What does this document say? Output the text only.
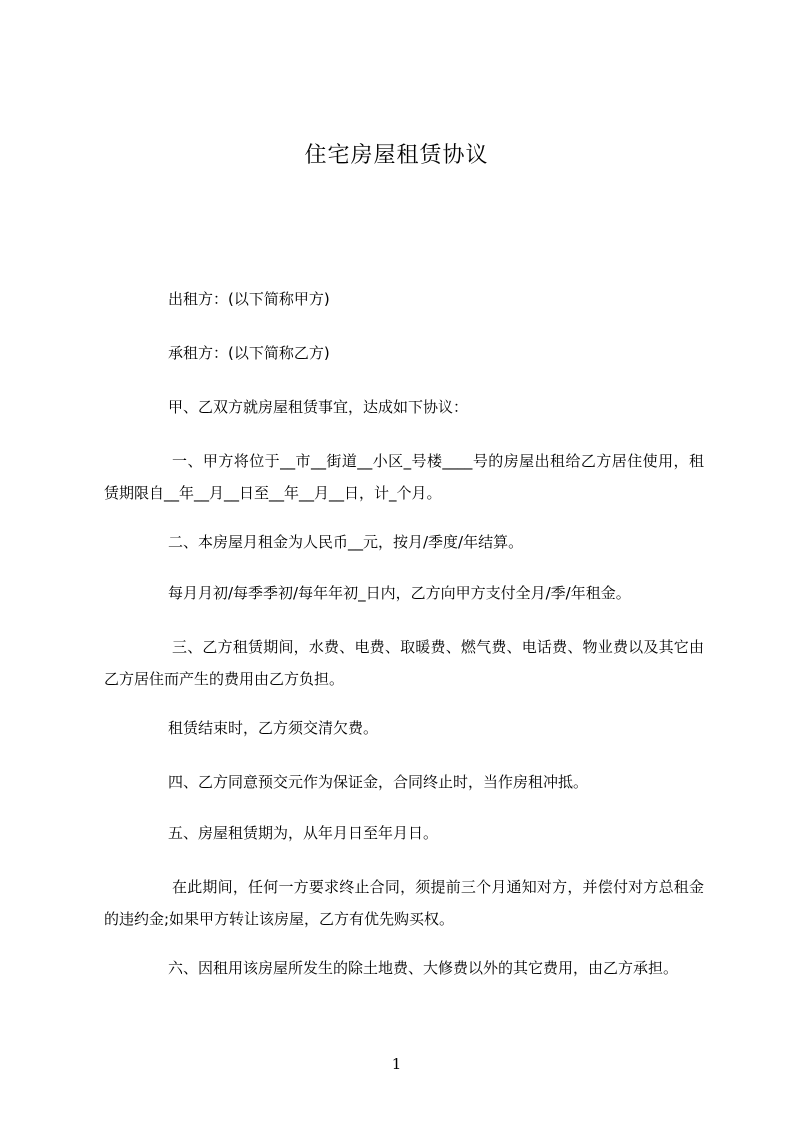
住宅房屋租赁协议

出租方：(以下简称甲方)

承租方：(以下简称乙方)

甲、乙双方就房屋租赁事宜，达成如下协议：

一、甲方将位于__市__街道__小区_号楼____号的房屋出租给乙方居住使用，租赁期限自__年__月__日至__年__月__日，计_个月。

二、本房屋月租金为人民币__元，按月/季度/年结算。

每月月初/每季季初/每年年初_日内，乙方向甲方支付全月/季/年租金。

三、乙方租赁期间，水费、电费、取暖费、燃气费、电话费、物业费以及其它由乙方居住而产生的费用由乙方负担。

租赁结束时，乙方须交清欠费。

四、乙方同意预交元作为保证金，合同终止时，当作房租冲抵。

五、房屋租赁期为，从年月日至年月日。

在此期间，任何一方要求终止合同，须提前三个月通知对方，并偿付对方总租金的违约金;如果甲方转让该房屋，乙方有优先购买权。

六、因租用该房屋所发生的除土地费、大修费以外的其它费用，由乙方承担。

1
